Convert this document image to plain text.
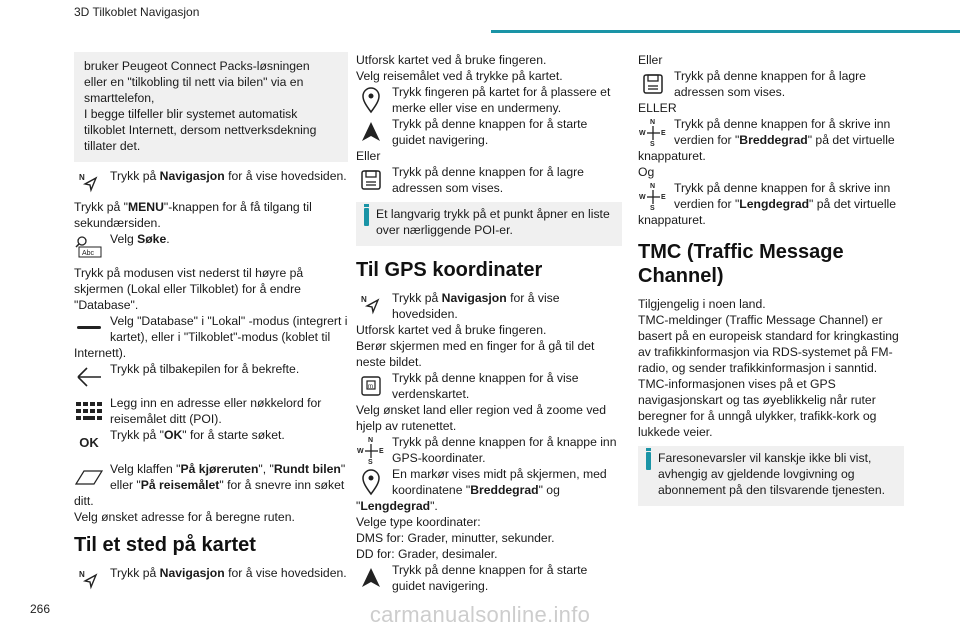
3D Tilkoblet Navigasjon

bruker Peugeot Connect Packs-løsningen

eller en "tilkobling til nett via bilen" via en

smarttelefon,

I begge tilfeller blir systemet automatisk

tilkoblet Internett, dersom nettverksdekning

tillater det.

N Trykk på Navigasjon for å vise hovedsiden.

Trykk på "MENU"-knappen for å få tilgang til sekundærsiden.

Abc
Velg Søke.

Trykk på modusen vist nederst til høyre på skjermen (Lokal eller Tilkoblet) for å endre "Database".

Velg "Database" i "Lokal" -modus (integrert i kartet), eller i "Tilkoblet"-modus (koblet til Internett).
Trykk på tilbakepilen for å bekrefte.
Legg inn en adresse eller nøkkelord for reisemålet ditt (POI).
OK Trykk på "OK" for å starte søket.
Velg klaffen "På kjøreruten", "Rundt bilen" eller "På reisemålet" for å snevre inn søket ditt.

Velg ønsket adresse for å beregne ruten.

Til et sted på kartet
N Trykk på Navigasjon for å vise hovedsiden.

Utforsk kartet ved å bruke fingeren.

Velg reisemålet ved å trykke på kartet.

Trykk fingeren på kartet for å plassere et merke eller vise en undermeny.
Trykk på denne knappen for å starte guidet navigering.

Eller

Trykk på denne knappen for å lagre adressen som vises.
Et langvarig trykk på et punkt åpner en liste over nærliggende POI-er.
Til GPS koordinater
N Trykk på Navigasjon for å vise hovedsiden.

Utforsk kartet ved å bruke fingeren.

Berør skjermen med en finger for å gå til det neste bildet.

m
Trykk på denne knappen for å vise verdenskartet.

Velg ønsket land eller region ved å zoome ved hjelp av rutenettet.

N
S
W E
Trykk på denne knappen for å knappe inn GPS-koordinater.
En markør vises midt på skjermen, med koordinatene "Breddegrad" og "Lengdegrad".

Velge type koordinater:

DMS for: Grader, minutter, sekunder.

DD for: Grader, desimaler.

Trykk på denne knappen for å starte guidet navigering.

Eller

Trykk på denne knappen for å lagre adressen som vises.

ELLER

N
S
W E
Trykk på denne knappen for å skrive inn verdien for "Breddegrad" på det virtuelle knappaturet.

Og

N
S
W E
Trykk på denne knappen for å skrive inn verdien for "Lengdegrad" på det virtuelle knappaturet.
TMC (Traffic Message Channel)

Tilgjengelig i noen land.

TMC-meldinger (Traffic Message Channel) er basert på en europeisk standard for kringkasting av trafikkinformasjon via RDS-systemet på FM-radio, og sender trafikkinformasjon i sanntid. TMC-informasjonen vises på et GPS navigasjonskart og tas øyeblikkelig når ruter beregner for å unngå ulykker, trafikk-kork og lukkede veier.

Faresonevarsler vil kanskje ikke bli vist, avhengig av gjeldende lovgivning og abonnement på den tilsvarende tjenesten.
266	carmanualsonline.info
